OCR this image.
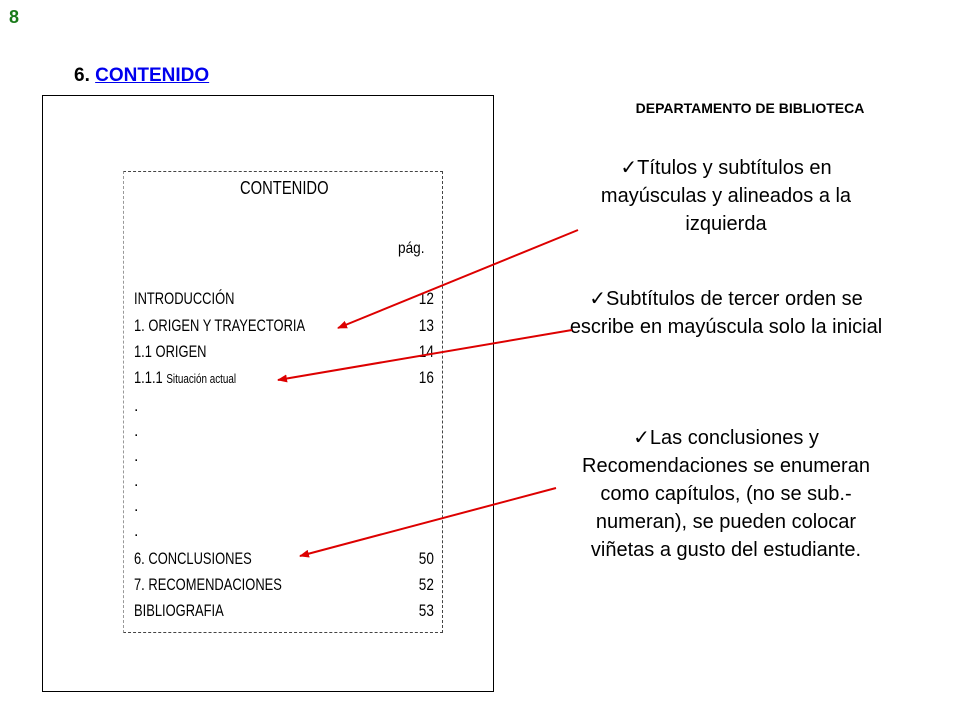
8
6. CONTENIDO
DEPARTAMENTO DE BIBLIOTECA
CONTENIDO
pág.
INTRODUCCIÓN	12
1. ORIGEN Y TRAYECTORIA	13
1.1 ORIGEN	14
1.1.1 Situación actual	16
.
.
.
.
.
.
6. CONCLUSIONES	50
7. RECOMENDACIONES	52
BIBLIOGRAFIA	53
✓Títulos y subtítulos en mayúsculas y alineados a la izquierda
✓Subtítulos de tercer orden se escribe en mayúscula solo la inicial
✓Las conclusiones y Recomendaciones se enumeran como capítulos, (no se sub.-numeran), se pueden colocar viñetas a gusto del estudiante.
